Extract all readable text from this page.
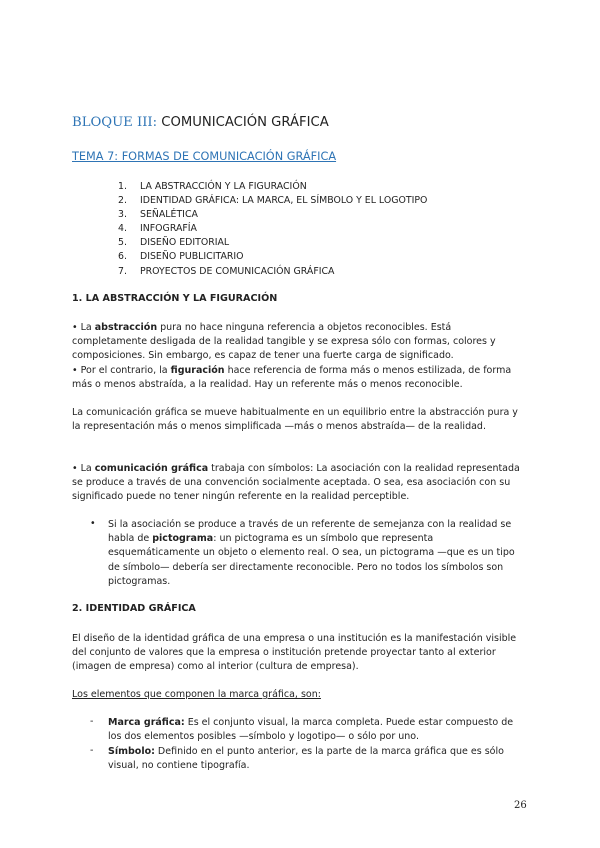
BLOQUE III: COMUNICACIÓN GRÁFICA
TEMA 7: FORMAS DE COMUNICACIÓN GRÁFICA
1. LA ABSTRACCIÓN Y LA FIGURACIÓN
2. IDENTIDAD GRÁFICA: LA MARCA, EL SÍMBOLO Y EL LOGOTIPO
3. SEÑALÉTICA
4. INFOGRAFÍA
5. DISEÑO EDITORIAL
6. DISEÑO PUBLICITARIO
7. PROYECTOS DE COMUNICACIÓN GRÁFICA
1. LA ABSTRACCIÓN Y LA FIGURACIÓN

• La abstracción pura no hace ninguna referencia a objetos reconocibles. Está completamente desligada de la realidad tangible y se expresa sólo con formas, colores y composiciones. Sin embargo, es capaz de tener una fuerte carga de significado.

• Por el contrario, la figuración hace referencia de forma más o menos estilizada, de forma más o menos abstraída, a la realidad. Hay un referente más o menos reconocible.

La comunicación gráfica se mueve habitualmente en un equilibrio entre la abstracción pura y la representación más o menos simplificada —más o menos abstraída— de la realidad.

• La comunicación gráfica trabaja con símbolos: La asociación con la realidad representada se produce a través de una convención socialmente aceptada. O sea, esa asociación con su significado puede no tener ningún referente en la realidad perceptible.

• Si la asociación se produce a través de un referente de semejanza con la realidad se habla de pictograma: un pictograma es un símbolo que representa esquemáticamente un objeto o elemento real. O sea, un pictograma —que es un tipo de símbolo— debería ser directamente reconocible. Pero no todos los símbolos son pictogramas.
2. IDENTIDAD GRÁFICA

El diseño de la identidad gráfica de una empresa o una institución es la manifestación visible del conjunto de valores que la empresa o institución pretende proyectar tanto al exterior (imagen de empresa) como al interior (cultura de empresa).

Los elementos que componen la marca gráfica, son:
- Marca gráfica: Es el conjunto visual, la marca completa. Puede estar compuesto de los dos elementos posibles —símbolo y logotipo— o sólo por uno.
- Símbolo: Definido en el punto anterior, es la parte de la marca gráfica que es sólo visual, no contiene tipografía.
26
